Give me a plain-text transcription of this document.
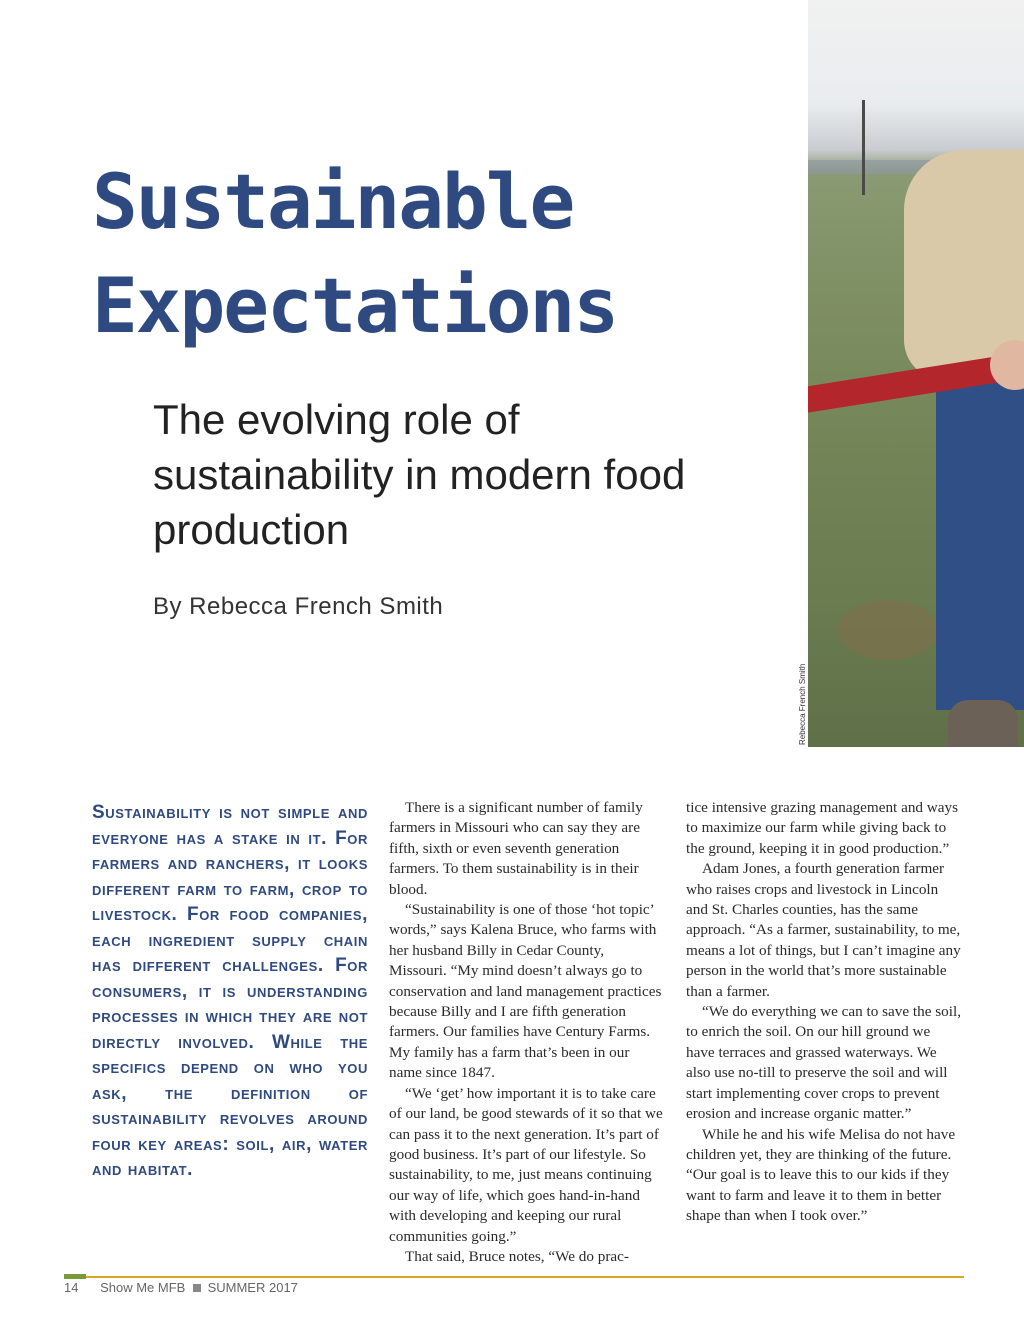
Rebecca French Smith
Sustainable
Expectations
The evolving role of sustainability in modern food production

By Rebecca French Smith

Sustainability is not simple and everyone has a stake in it. For farmers and ranchers, it looks different farm to farm, crop to livestock. For food companies, each ingredient supply chain has different challenges. For consumers, it is understanding processes in which they are not directly involved. While the specifics depend on who you ask, the definition of sustainability revolves around four key areas: soil, air, water and habitat.

There is a significant number of family farmers in Missouri who can say they are fifth, sixth or even seventh generation farmers. To them sustainability is in their blood.

“Sustainability is one of those ‘hot topic’ words,” says Kalena Bruce, who farms with her husband Billy in Cedar County, Missouri. “My mind doesn’t always go to conservation and land management practices because Billy and I are fifth generation farmers. Our families have Century Farms. My family has a farm that’s been in our name since 1847.

“We ‘get’ how important it is to take care of our land, be good stewards of it so that we can pass it to the next generation. It’s part of good business. It’s part of our lifestyle. So sustainability, to me, just means continuing our way of life, which goes hand-in-hand with developing and keeping our rural communities going.”

That said, Bruce notes, “We do prac-

tice intensive grazing management and ways to maximize our farm while giving back to the ground, keeping it in good production.”

Adam Jones, a fourth generation farmer who raises crops and livestock in Lincoln and St. Charles counties, has the same approach. “As a farmer, sustainability, to me, means a lot of things, but I can’t imagine any person in the world that’s more sustainable than a farmer.

“We do everything we can to save the soil, to enrich the soil. On our hill ground we have terraces and grassed waterways. We also use no-till to preserve the soil and will start implementing cover crops to prevent erosion and increase organic matter.”

While he and his wife Melisa do not have children yet, they are thinking of the future. “Our goal is to leave this to our kids if they want to farm and leave it to them in better shape than when I took over.”

14 Show Me MFB SUMMER 2017
